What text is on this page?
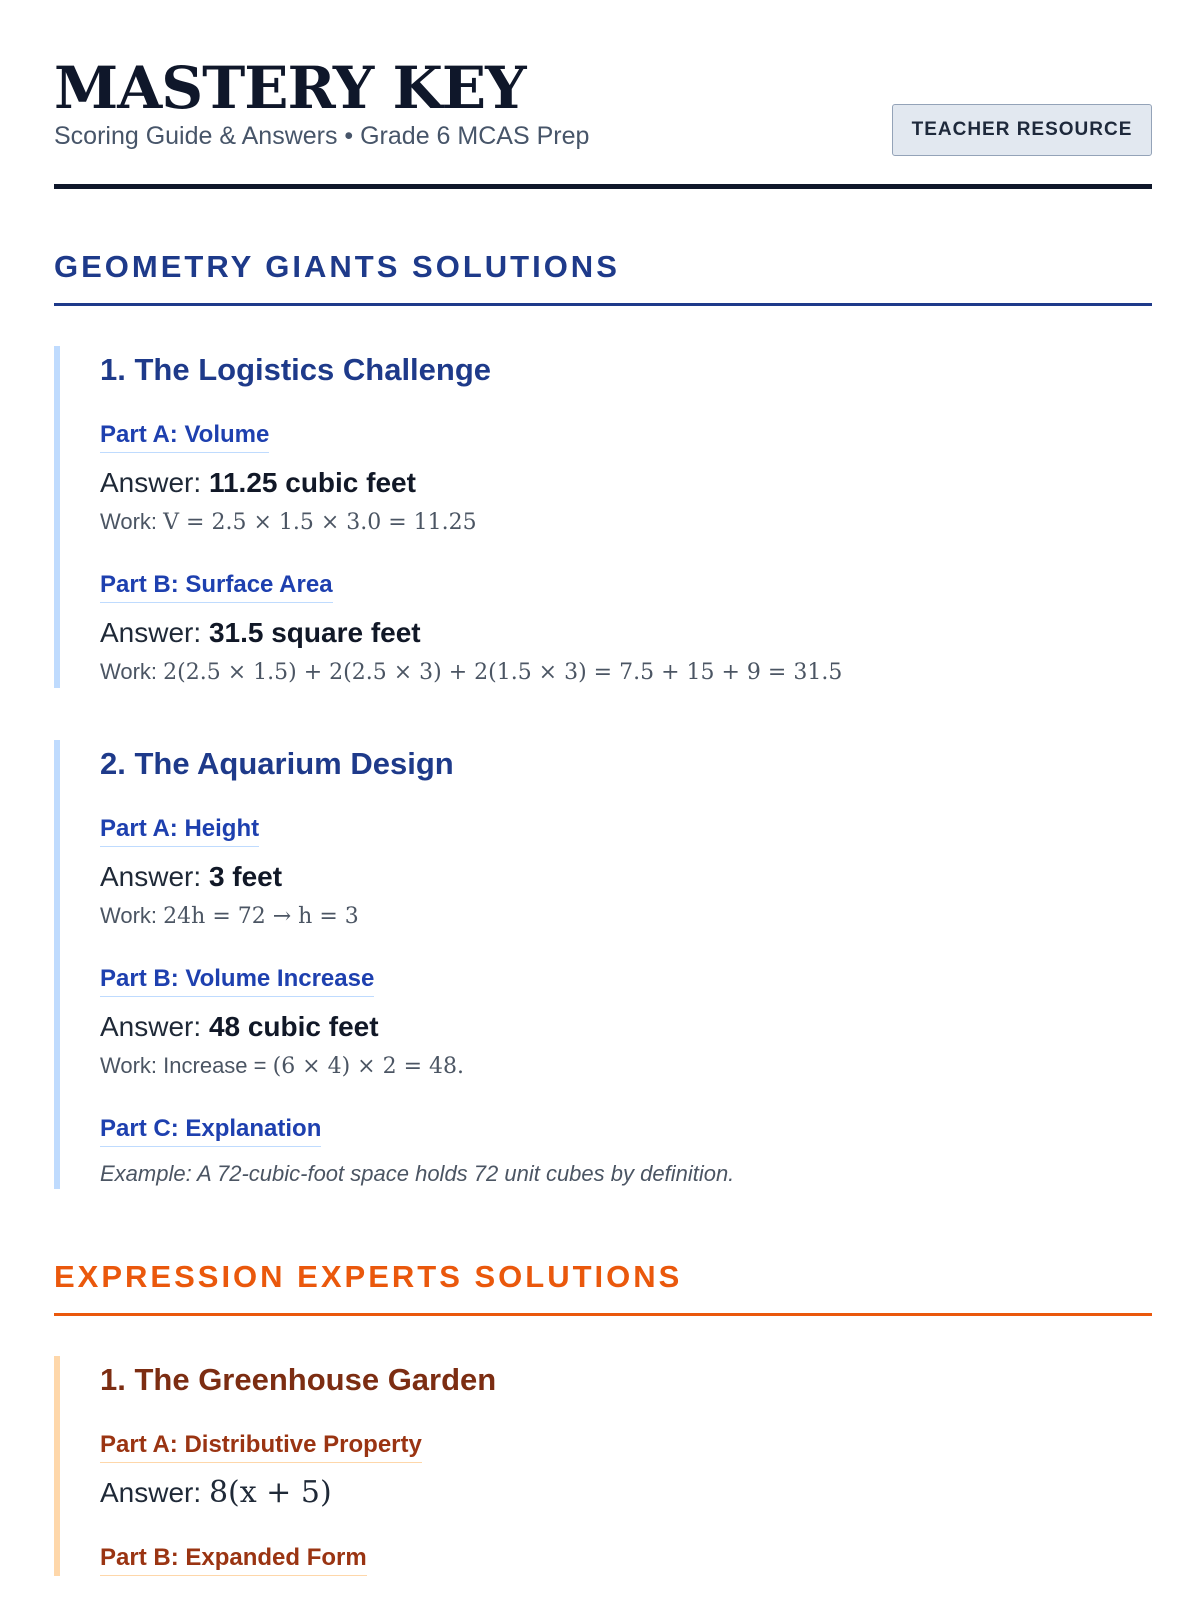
MASTERY KEY
Scoring Guide & Answers • Grade 6 MCAS Prep	TEACHER RESOURCE
GEOMETRY GIANTS SOLUTIONS
1. The Logistics Challenge
Part A: Volume
Answer: 11.25 cubic feet
Work: V = 2.5 × 1.5 × 3.0 = 11.25
Part B: Surface Area
Answer: 31.5 square feet
Work: 2(2.5 × 1.5) + 2(2.5 × 3) + 2(1.5 × 3) = 7.5 + 15 + 9 = 31.5
2. The Aquarium Design
Part A: Height
Answer: 3 feet
Work: 24h = 72 → h = 3
Part B: Volume Increase
Answer: 48 cubic feet
Work: Increase = (6 × 4) × 2 = 48.
Part C: Explanation
Example: A 72-cubic-foot space holds 72 unit cubes by definition.
EXPRESSION EXPERTS SOLUTIONS
1. The Greenhouse Garden
Part A: Distributive Property
Answer: 8(x + 5)
Part B: Expanded Form
